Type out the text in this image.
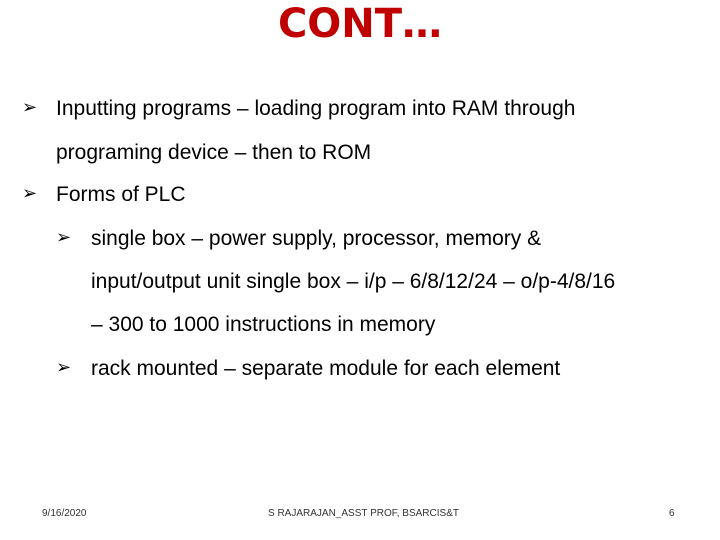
CONT…
➢ Inputting programs – loading program into RAM through
programing device – then to ROM
➢ Forms of PLC
➢ single box – power supply, processor, memory &
input/output unit single box – i/p – 6/8/12/24 – o/p-4/8/16
– 300 to 1000 instructions in memory
➢ rack mounted – separate module for each element
9/16/2020	S RAJARAJAN_ASST PROF, BSARCIS&T	6
